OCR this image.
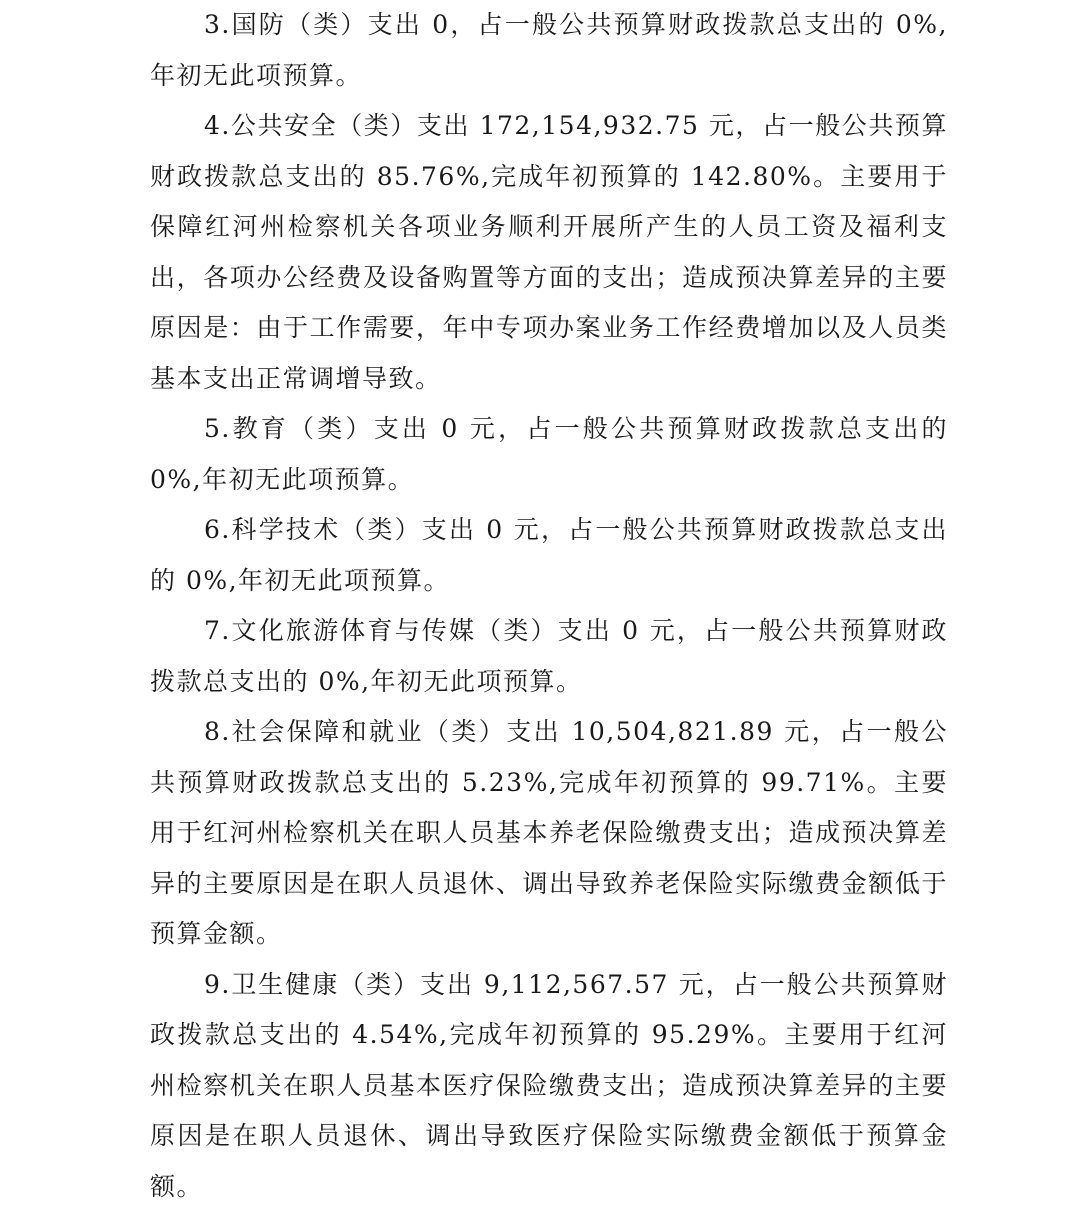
3.国防（类）支出 0，占一般公共预算财政拨款总支出的 0%,年初无此项预算。

4.公共安全（类）支出 172,154,932.75 元，占一般公共预算财政拨款总支出的 85.76%,完成年初预算的 142.80%。主要用于保障红河州检察机关各项业务顺利开展所产生的人员工资及福利支出，各项办公经费及设备购置等方面的支出；造成预决算差异的主要原因是：由于工作需要，年中专项办案业务工作经费增加以及人员类基本支出正常调增导致。

5.教育（类）支出 0 元，占一般公共预算财政拨款总支出的 0%,年初无此项预算。

6.科学技术（类）支出 0 元，占一般公共预算财政拨款总支出的 0%,年初无此项预算。

7.文化旅游体育与传媒（类）支出 0 元，占一般公共预算财政拨款总支出的 0%,年初无此项预算。

8.社会保障和就业（类）支出 10,504,821.89 元，占一般公共预算财政拨款总支出的 5.23%,完成年初预算的 99.71%。主要用于红河州检察机关在职人员基本养老保险缴费支出；造成预决算差异的主要原因是在职人员退休、调出导致养老保险实际缴费金额低于预算金额。

9.卫生健康（类）支出 9,112,567.57 元，占一般公共预算财政拨款总支出的 4.54%,完成年初预算的 95.29%。主要用于红河州检察机关在职人员基本医疗保险缴费支出；造成预决算差异的主要原因是在职人员退休、调出导致医疗保险实际缴费金额低于预算金额。
